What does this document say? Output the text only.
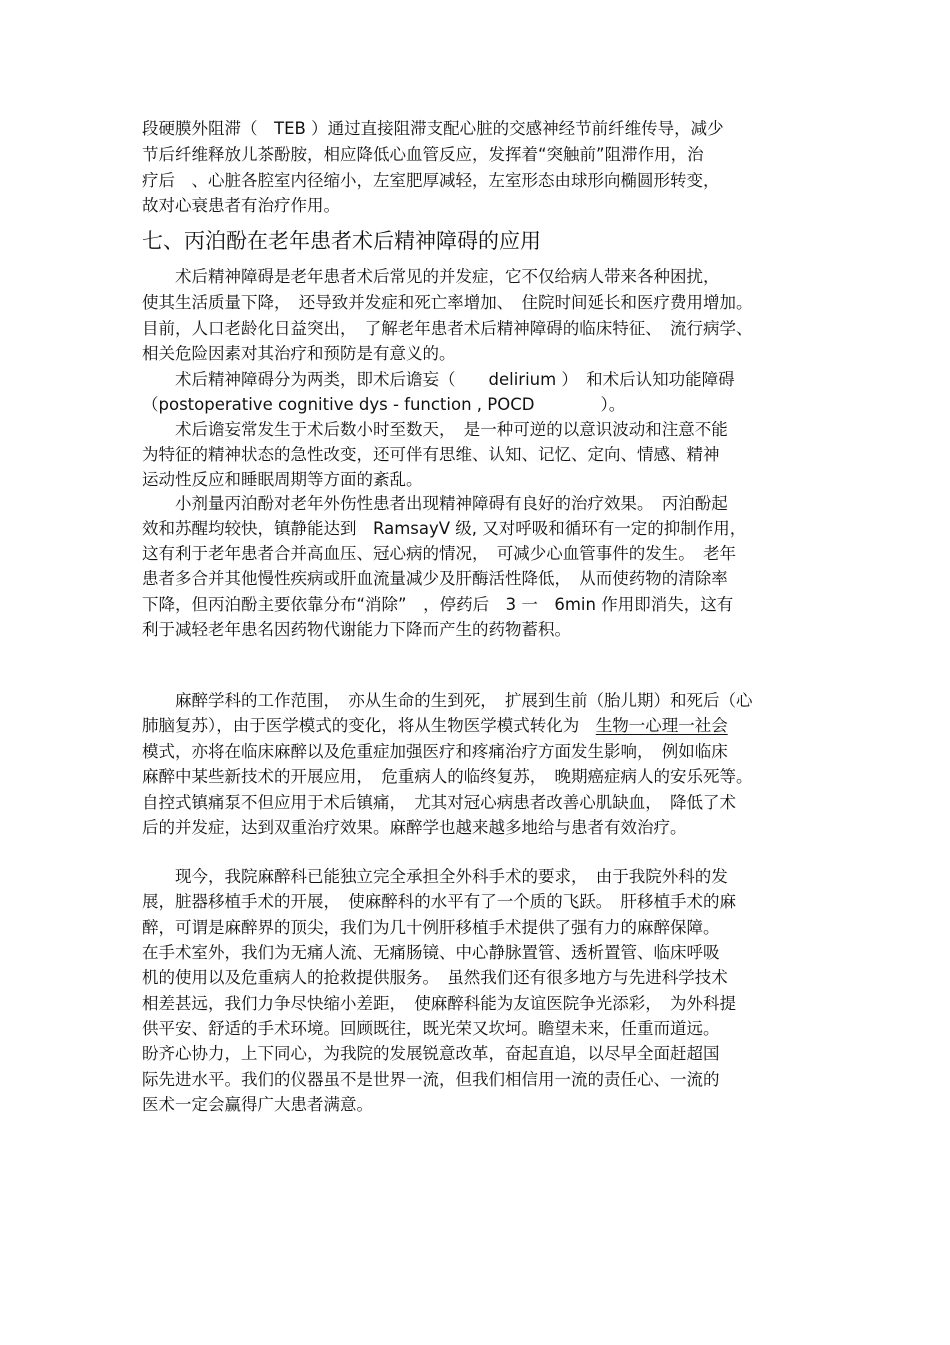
段硬膜外阻滞（　TEB ）通过直接阻滞支配心脏的交感神经节前纤维传导，减少
节后纤维释放儿茶酚胺，相应降低心血管反应，发挥着“突触前”阻滞作用，治
疗后　、心脏各腔室内径缩小，左室肥厚减轻，左室形态由球形向椭圆形转变，
故对心衰患者有治疗作用。
七、丙泊酚在老年患者术后精神障碍的应用
　　术后精神障碍是老年患者术后常见的并发症，它不仅给病人带来各种困扰，
使其生活质量下降，　还导致并发症和死亡率增加、　住院时间延长和医疗费用增加。
目前，人口老龄化日益突出，　了解老年患者术后精神障碍的临床特征、　流行病学、
相关危险因素对其治疗和预防是有意义的。
　　术后精神障碍分为两类，即术后谵妄（　　delirium ）　和术后认知功能障碍
（postoperative cognitive dys - function , POCD　　　　）。
　　术后谵妄常发生于术后数小时至数天，　是一种可逆的以意识波动和注意不能
为特征的精神状态的急性改变，还可伴有思维、认知、记忆、定向、情感、精神
运动性反应和睡眠周期等方面的紊乱。
　　小剂量丙泊酚对老年外伤性患者出现精神障碍有良好的治疗效果。　丙泊酚起
效和苏醒均较快，镇静能达到　RamsayV 级, 又对呼吸和循环有一定的抑制作用，
这有利于老年患者合并高血压、冠心病的情况，　可减少心血管事件的发生。　老年
患者多合并其他慢性疾病或肝血流量减少及肝酶活性降低，　从而使药物的清除率
下降，但丙泊酚主要依靠分布“消除”　，停药后　3 一　6min 作用即消失，这有
利于减轻老年患名因药物代谢能力下降而产生的药物蓄积。
　　麻醉学科的工作范围，　亦从生命的生到死，　扩展到生前（胎儿期）和死后（心
肺脑复苏），由于医学模式的变化，将从生物医学模式转化为　生物一心理一社会
模式，亦将在临床麻醉以及危重症加强医疗和疼痛治疗方面发生影响，　例如临床
麻醉中某些新技术的开展应用，　危重病人的临终复苏，　晚期癌症病人的安乐死等。
自控式镇痛泵不但应用于术后镇痛，　尤其对冠心病患者改善心肌缺血，　降低了术
后的并发症，达到双重治疗效果。麻醉学也越来越多地给与患者有效治疗。
　　现今，我院麻醉科已能独立完全承担全外科手术的要求，　由于我院外科的发
展，脏器移植手术的开展，　使麻醉科的水平有了一个质的飞跃。　肝移植手术的麻
醉，可谓是麻醉界的顶尖，我们为几十例肝移植手术提供了强有力的麻醉保障。
在手术室外，我们为无痛人流、无痛肠镜、中心静脉置管、透析置管、临床呼吸
机的使用以及危重病人的抢救提供服务。　虽然我们还有很多地方与先进科学技术
相差甚远，我们力争尽快缩小差距，　使麻醉科能为友谊医院争光添彩，　为外科提
供平安、舒适的手术环境。回顾既往，既光荣又坎坷。瞻望未来，任重而道远。
盼齐心协力，上下同心，为我院的发展锐意改革，奋起直追，以尽早全面赶超国
际先进水平。我们的仪器虽不是世界一流，但我们相信用一流的责任心、一流的
医术一定会赢得广大患者满意。
